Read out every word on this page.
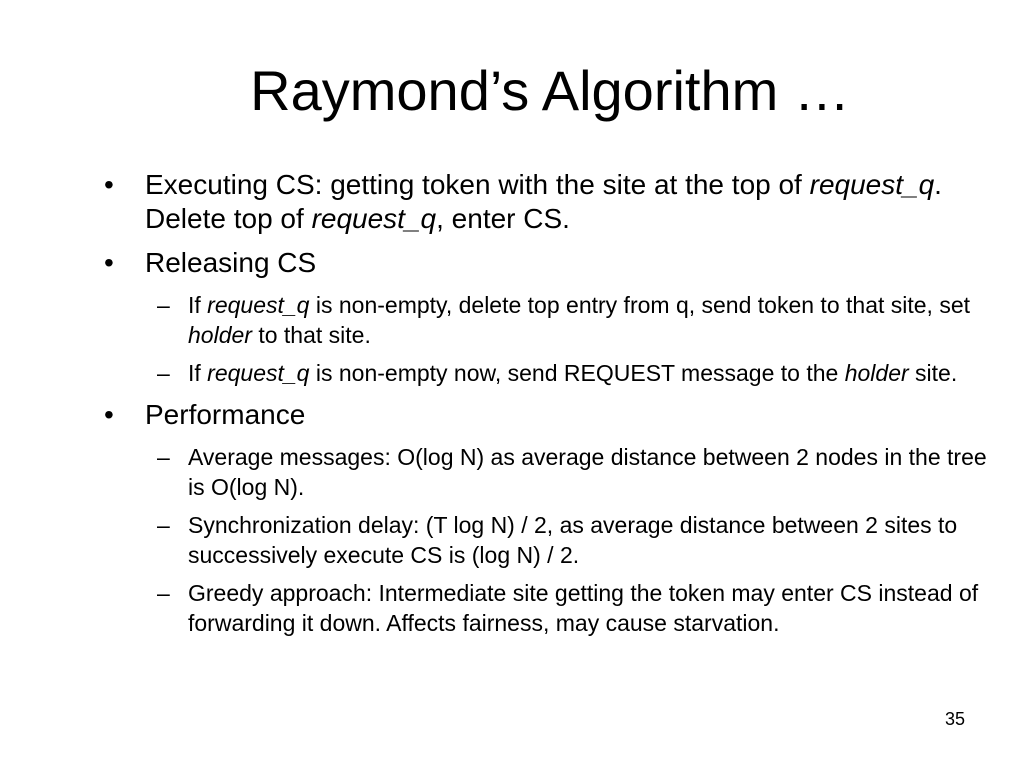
Raymond’s Algorithm …
• Executing CS: getting token with the site at the top of request_q. Delete top of request_q, enter CS.
• Releasing CS
– If request_q is non-empty, delete top entry from q, send token to that site, set holder to that site.
– If request_q is non-empty now, send REQUEST message to the holder site.
• Performance
– Average messages: O(log N) as average distance between 2 nodes in the tree is O(log N).
– Synchronization delay: (T log N) / 2, as average distance between 2 sites to successively execute CS is (log N) / 2.
– Greedy approach: Intermediate site getting the token may enter CS instead of forwarding it down. Affects fairness, may cause starvation.
35
